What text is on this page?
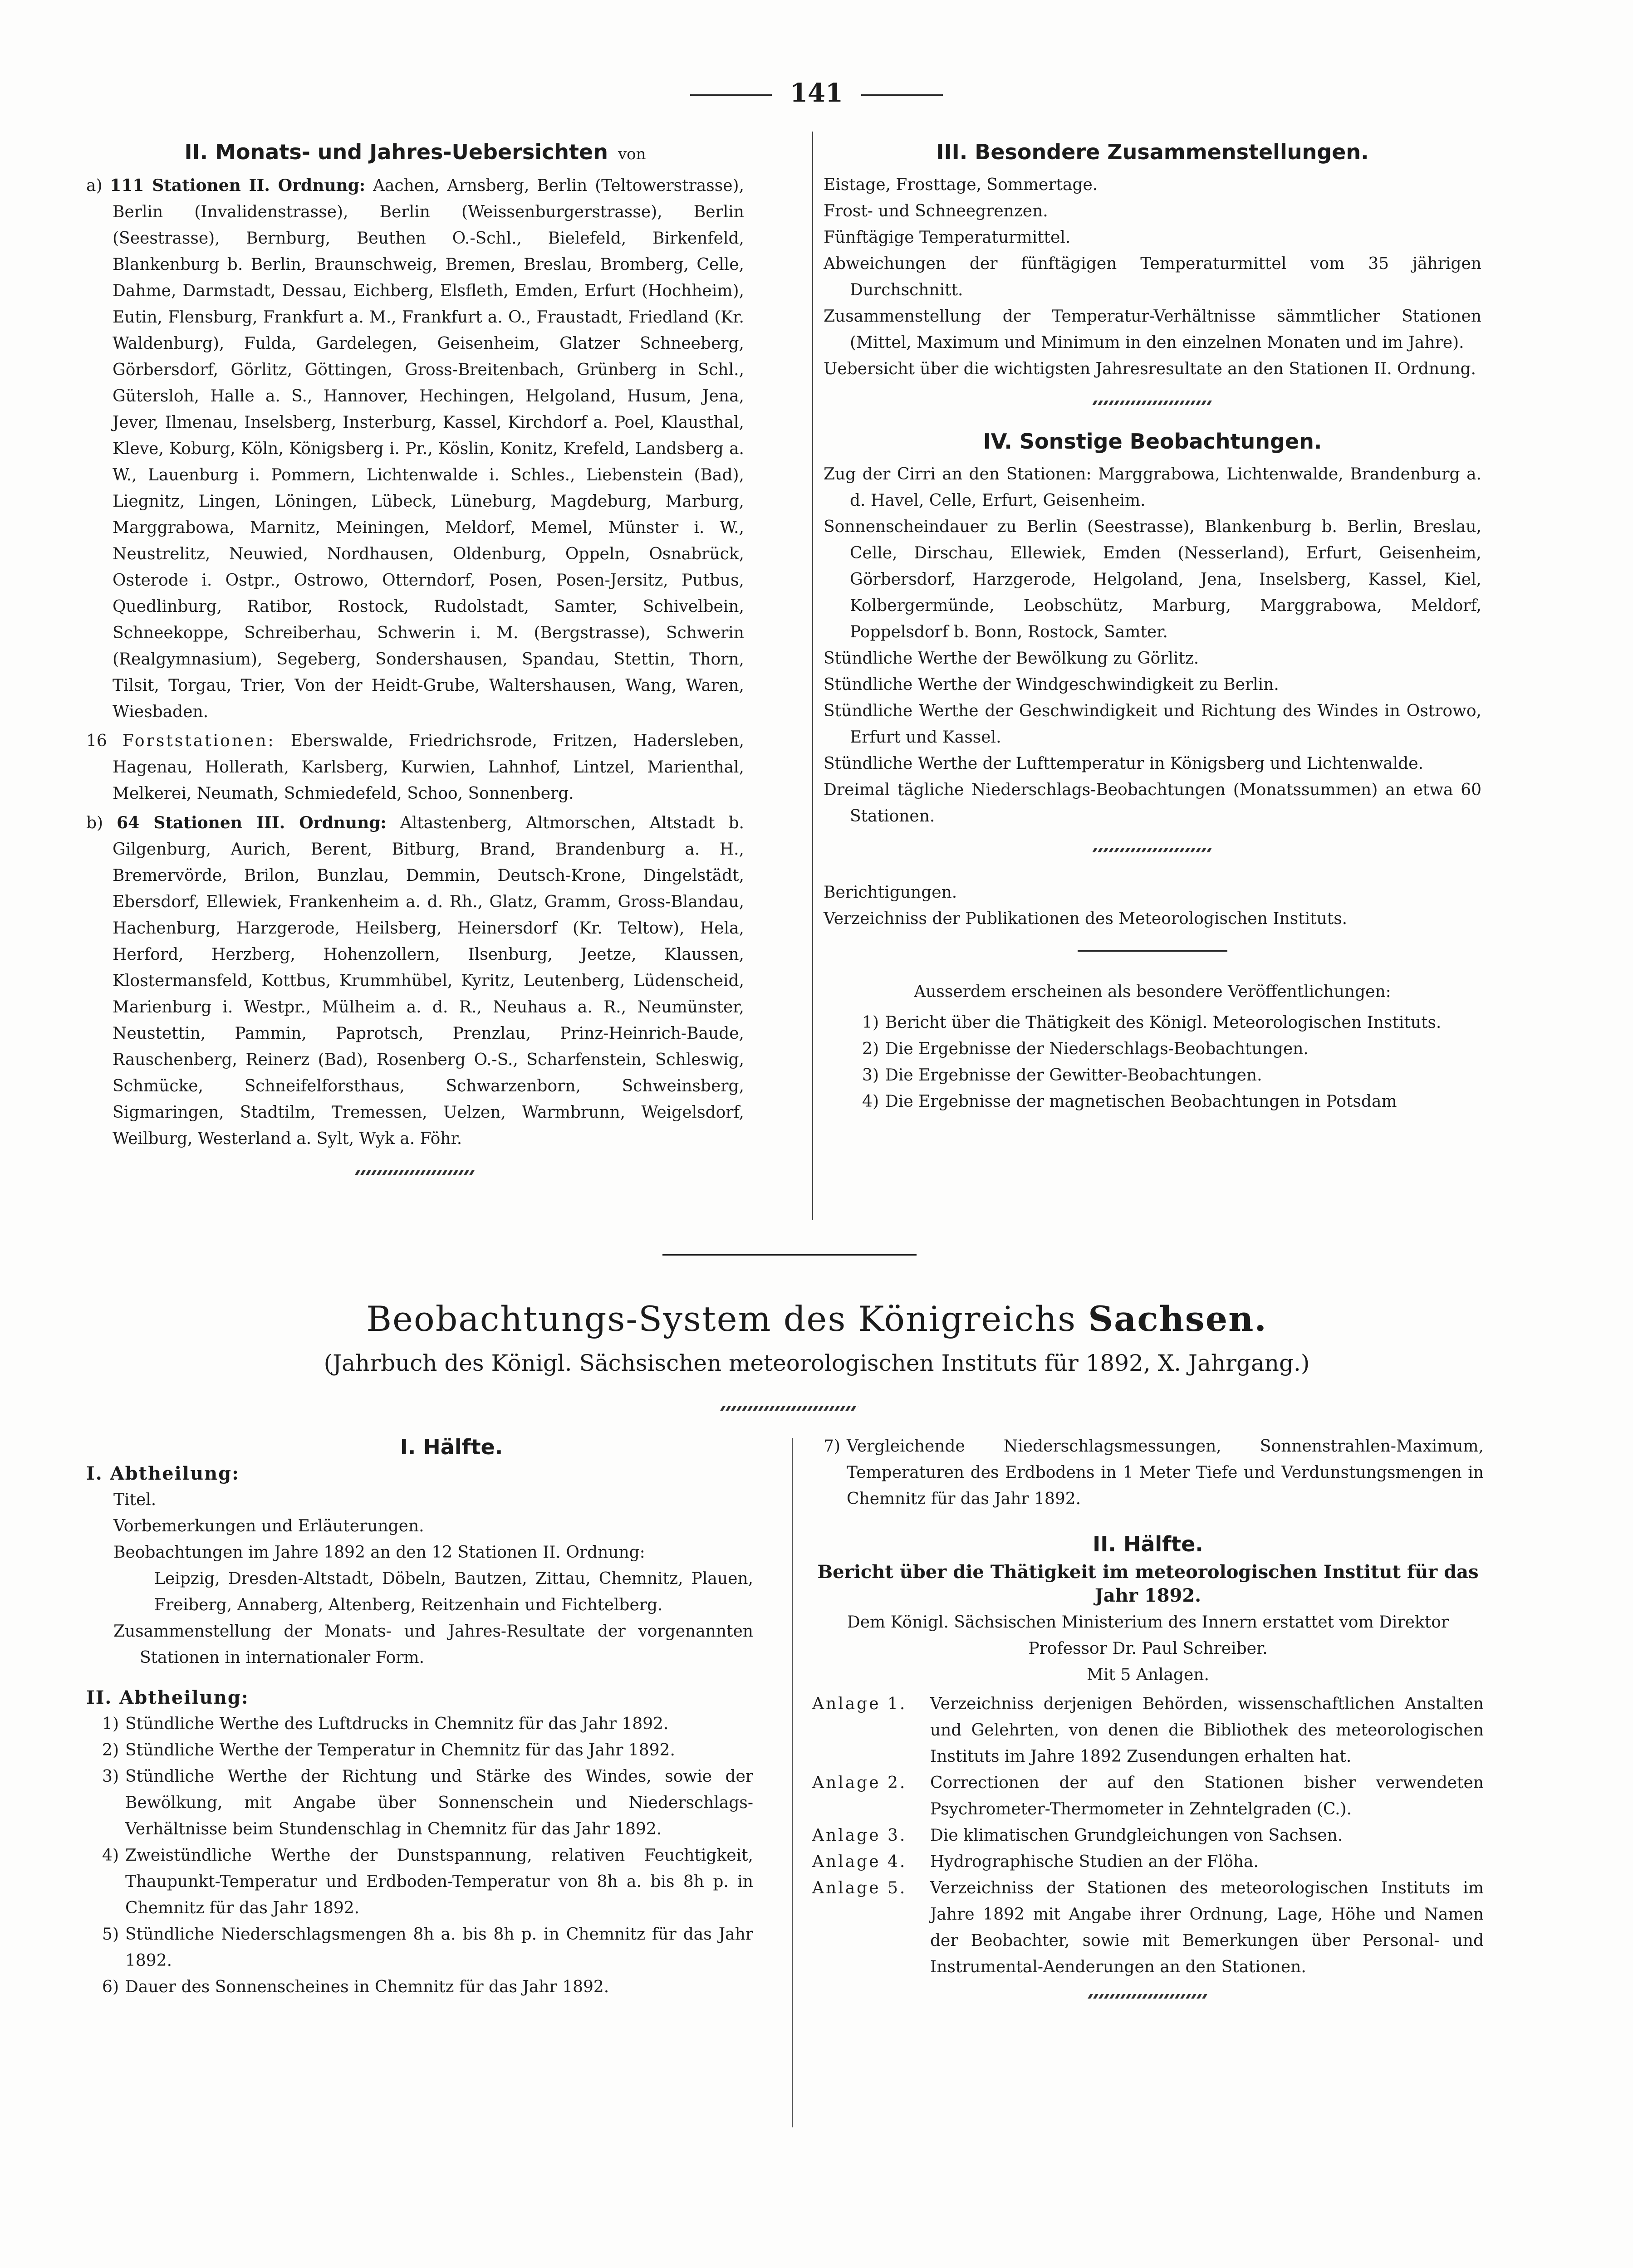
141
II. Monats- und Jahres-Uebersichten von

a) 111 Stationen II. Ordnung: Aachen, Arnsberg, Berlin (Teltowerstrasse), Berlin (Invalidenstrasse), Berlin (Weissenburgerstrasse), Berlin (Seestrasse), Bernburg, Beuthen O.-Schl., Bielefeld, Birkenfeld, Blankenburg b. Berlin, Braunschweig, Bremen, Breslau, Bromberg, Celle, Dahme, Darmstadt, Dessau, Eichberg, Elsfleth, Emden, Erfurt (Hochheim), Eutin, Flensburg, Frankfurt a. M., Frankfurt a. O., Fraustadt, Friedland (Kr. Waldenburg), Fulda, Gardelegen, Geisenheim, Glatzer Schneeberg, Görbersdorf, Görlitz, Göttingen, Gross-Breitenbach, Grünberg in Schl., Gütersloh, Halle a. S., Hannover, Hechingen, Helgoland, Husum, Jena, Jever, Ilmenau, Inselsberg, Insterburg, Kassel, Kirchdorf a. Poel, Klausthal, Kleve, Koburg, Köln, Königsberg i. Pr., Köslin, Konitz, Krefeld, Landsberg a. W., Lauenburg i. Pommern, Lichtenwalde i. Schles., Liebenstein (Bad), Liegnitz, Lingen, Löningen, Lübeck, Lüneburg, Magdeburg, Marburg, Marggrabowa, Marnitz, Meiningen, Meldorf, Memel, Münster i. W., Neustrelitz, Neuwied, Nordhausen, Oldenburg, Oppeln, Osnabrück, Osterode i. Ostpr., Ostrowo, Otterndorf, Posen, Posen-Jersitz, Putbus, Quedlinburg, Ratibor, Rostock, Rudolstadt, Samter, Schivelbein, Schneekoppe, Schreiberhau, Schwerin i. M. (Bergstrasse), Schwerin (Realgymnasium), Segeberg, Sondershausen, Spandau, Stettin, Thorn, Tilsit, Torgau, Trier, Von der Heidt-Grube, Waltershausen, Wang, Waren, Wiesbaden.

16 Forststationen: Eberswalde, Friedrichsrode, Fritzen, Hadersleben, Hagenau, Hollerath, Karlsberg, Kurwien, Lahnhof, Lintzel, Marienthal, Melkerei, Neumath, Schmiedefeld, Schoo, Sonnenberg.

b) 64 Stationen III. Ordnung: Altastenberg, Altmorschen, Altstadt b. Gilgenburg, Aurich, Berent, Bitburg, Brand, Brandenburg a. H., Bremervörde, Brilon, Bunzlau, Demmin, Deutsch-Krone, Dingelstädt, Ebersdorf, Ellewiek, Frankenheim a. d. Rh., Glatz, Gramm, Gross-Blandau, Hachenburg, Harzgerode, Heilsberg, Heinersdorf (Kr. Teltow), Hela, Herford, Herzberg, Hohenzollern, Ilsenburg, Jeetze, Klaussen, Klostermansfeld, Kottbus, Krummhübel, Kyritz, Leutenberg, Lüdenscheid, Marienburg i. Westpr., Mülheim a. d. R., Neuhaus a. R., Neumünster, Neustettin, Pammin, Paprotsch, Prenzlau, Prinz-Heinrich-Baude, Rauschenberg, Reinerz (Bad), Rosenberg O.-S., Scharfenstein, Schleswig, Schmücke, Schneifelforsthaus, Schwarzenborn, Schweinsberg, Sigmaringen, Stadtilm, Tremessen, Uelzen, Warmbrunn, Weigelsdorf, Weilburg, Westerland a. Sylt, Wyk a. Föhr.

III. Besondere Zusammenstellungen.

Eistage, Frosttage, Sommertage.

Frost- und Schneegrenzen.

Fünftägige Temperaturmittel.

Abweichungen der fünftägigen Temperaturmittel vom 35 jährigen Durchschnitt.

Zusammenstellung der Temperatur-Verhältnisse sämmtlicher Stationen (Mittel, Maximum und Minimum in den einzelnen Monaten und im Jahre).

Uebersicht über die wichtigsten Jahresresultate an den Stationen II. Ordnung.

IV. Sonstige Beobachtungen.

Zug der Cirri an den Stationen: Marggrabowa, Lichtenwalde, Brandenburg a. d. Havel, Celle, Erfurt, Geisenheim.

Sonnenscheindauer zu Berlin (Seestrasse), Blankenburg b. Berlin, Breslau, Celle, Dirschau, Ellewiek, Emden (Nesserland), Erfurt, Geisenheim, Görbersdorf, Harzgerode, Helgoland, Jena, Inselsberg, Kassel, Kiel, Kolbergermünde, Leobschütz, Marburg, Marggrabowa, Meldorf, Poppelsdorf b. Bonn, Rostock, Samter.

Stündliche Werthe der Bewölkung zu Görlitz.

Stündliche Werthe der Windgeschwindigkeit zu Berlin.

Stündliche Werthe der Geschwindigkeit und Richtung des Windes in Ostrowo, Erfurt und Kassel.

Stündliche Werthe der Lufttemperatur in Königsberg und Lichtenwalde.

Dreimal tägliche Niederschlags-Beobachtungen (Monatssummen) an etwa 60 Stationen.

Berichtigungen.

Verzeichniss der Publikationen des Meteorologischen Instituts.

Ausserdem erscheinen als besondere Veröffentlichungen:

1) Bericht über die Thätigkeit des Königl. Meteorologischen Instituts.
2) Die Ergebnisse der Niederschlags-Beobachtungen.
3) Die Ergebnisse der Gewitter-Beobachtungen.
4) Die Ergebnisse der magnetischen Beobachtungen in Potsdam
Beobachtungs-System des Königreichs Sachsen.
(Jahrbuch des Königl. Sächsischen meteorologischen Instituts für 1892, X. Jahrgang.)
I. Hälfte.
I. Abtheilung:

Titel.

Vorbemerkungen und Erläuterungen.

Beobachtungen im Jahre 1892 an den 12 Stationen II. Ordnung:

Leipzig, Dresden-Altstadt, Döbeln, Bautzen, Zittau, Chemnitz, Plauen, Freiberg, Annaberg, Altenberg, Reitzenhain und Fichtelberg.

Zusammenstellung der Monats- und Jahres-Resultate der vorgenannten Stationen in internationaler Form.

II. Abtheilung:
1) Stündliche Werthe des Luftdrucks in Chemnitz für das Jahr 1892.
2) Stündliche Werthe der Temperatur in Chemnitz für das Jahr 1892.
3) Stündliche Werthe der Richtung und Stärke des Windes, sowie der Bewölkung, mit Angabe über Sonnenschein und Niederschlags-Verhältnisse beim Stundenschlag in Chemnitz für das Jahr 1892.
4) Zweistündliche Werthe der Dunstspannung, relativen Feuchtigkeit, Thaupunkt-Temperatur und Erdboden-Temperatur von 8h a. bis 8h p. in Chemnitz für das Jahr 1892.
5) Stündliche Niederschlagsmengen 8h a. bis 8h p. in Chemnitz für das Jahr 1892.
6) Dauer des Sonnenscheines in Chemnitz für das Jahr 1892.
7) Vergleichende Niederschlagsmessungen, Sonnenstrahlen-Maximum, Temperaturen des Erdbodens in 1 Meter Tiefe und Verdunstungsmengen in Chemnitz für das Jahr 1892.
II. Hälfte.

Bericht über die Thätigkeit im meteorologischen Institut für das Jahr 1892.

Dem Königl. Sächsischen Ministerium des Innern erstattet vom Direktor Professor Dr. Paul Schreiber.

Mit 5 Anlagen.

Anlage 1.	Verzeichniss derjenigen Behörden, wissenschaftlichen Anstalten und Gelehrten, von denen die Bibliothek des meteorologischen Instituts im Jahre 1892 Zusendungen erhalten hat.
Anlage 2.	Correctionen der auf den Stationen bisher verwendeten Psychrometer-Thermometer in Zehntelgraden (C.).
Anlage 3.	Die klimatischen Grundgleichungen von Sachsen.
Anlage 4.	Hydrographische Studien an der Flöha.
Anlage 5.	Verzeichniss der Stationen des meteorologischen Instituts im Jahre 1892 mit Angabe ihrer Ordnung, Lage, Höhe und Namen der Beobachter, sowie mit Bemerkungen über Personal- und Instrumental-Aenderungen an den Stationen.
